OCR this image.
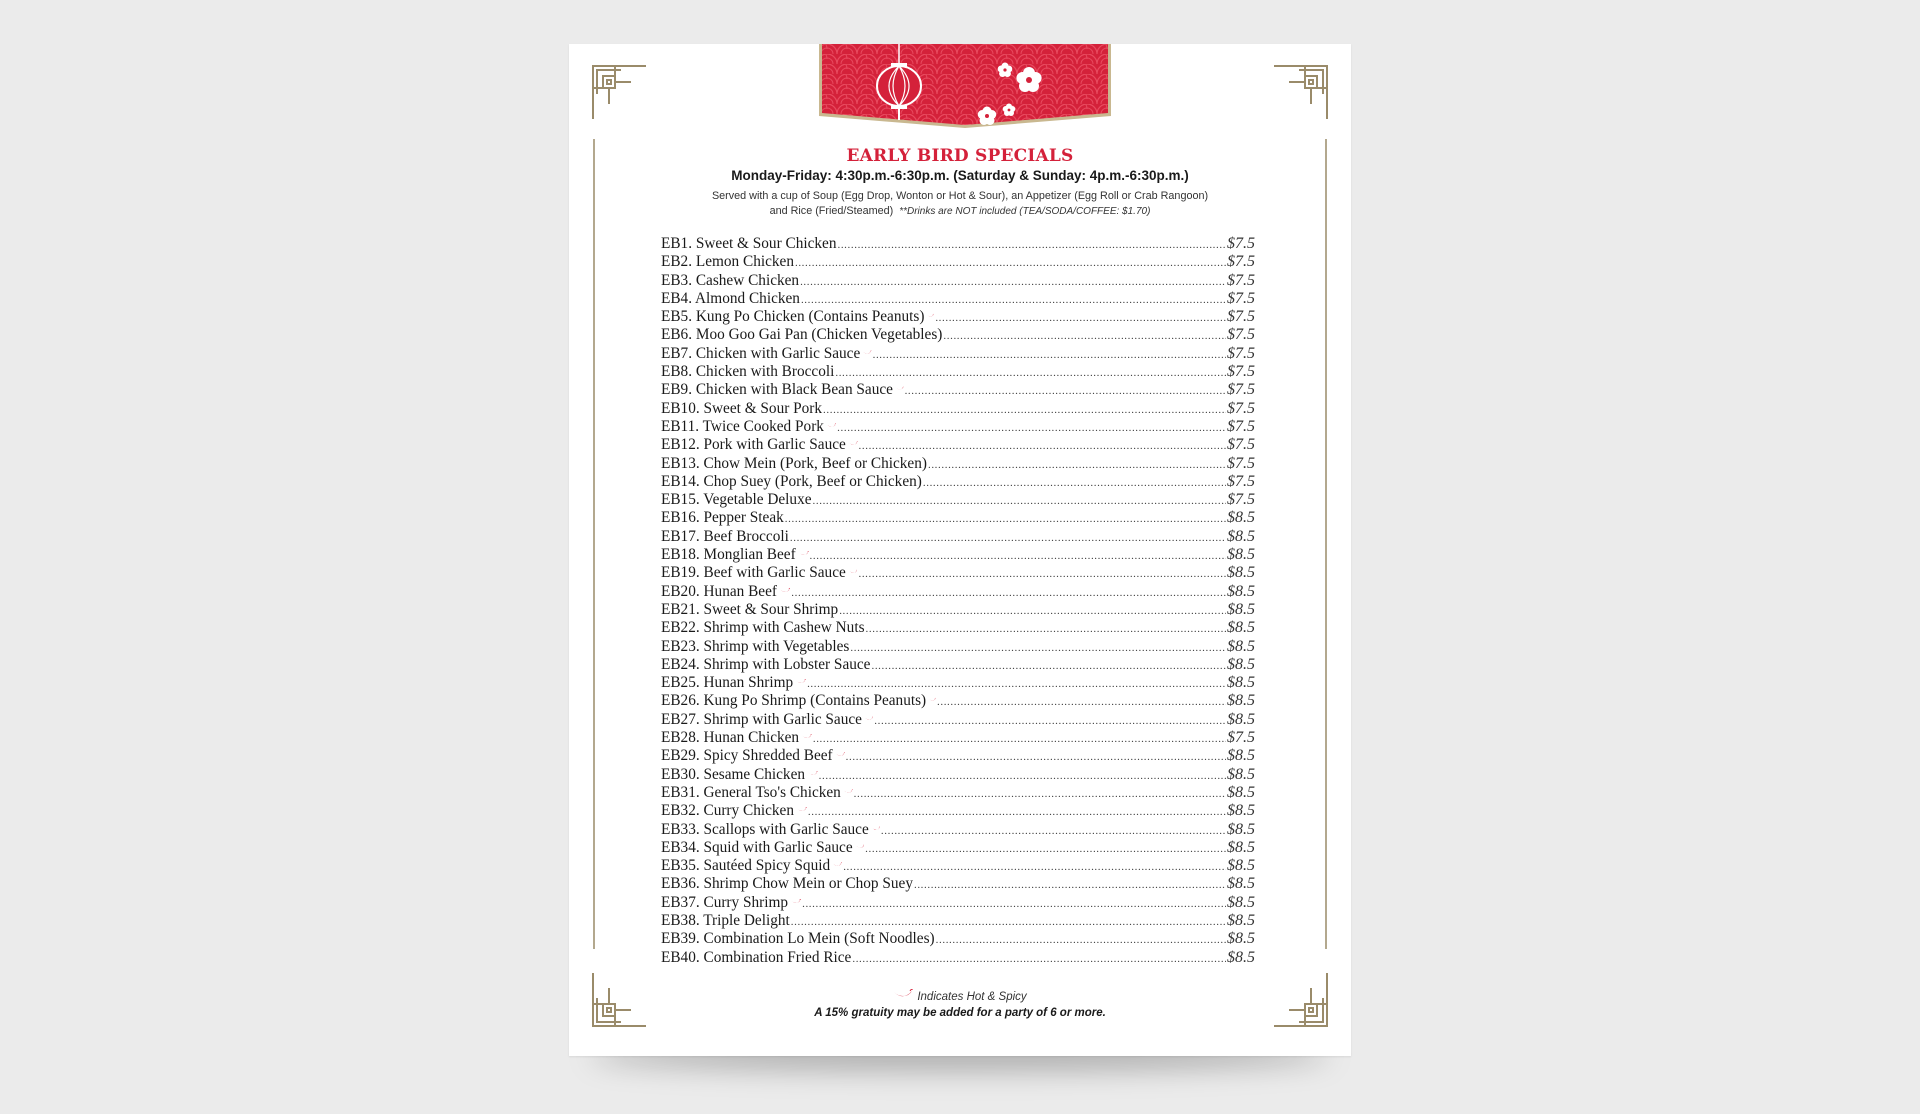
EARLY BIRD SPECIALS
Monday-Friday: 4:30p.m.-6:30p.m. (Saturday & Sunday: 4p.m.-6:30p.m.)
Served with a cup of Soup (Egg Drop, Wonton or Hot & Sour), an Appetizer (Egg Roll or Crab Rangoon)
and Rice (Fried/Steamed) **Drinks are NOT included (TEA/SODA/COFFEE: $1.70)
EB1. Sweet & Sour Chicken .....	$7.5
EB2. Lemon Chicken .....	$7.5
EB3. Cashew Chicken .....	$7.5
EB4. Almond Chicken .....	$7.5
EB5. Kung Po Chicken (Contains Peanuts) .....	$7.5
EB6. Moo Goo Gai Pan (Chicken Vegetables) .....	$7.5
EB7. Chicken with Garlic Sauce .....	$7.5
EB8. Chicken with Broccoli .....	$7.5
EB9. Chicken with Black Bean Sauce .....	$7.5
EB10. Sweet & Sour Pork .....	$7.5
EB11. Twice Cooked Pork .....	$7.5
EB12. Pork with Garlic Sauce .....	$7.5
EB13. Chow Mein (Pork, Beef or Chicken) .....	$7.5
EB14. Chop Suey (Pork, Beef or Chicken) .....	$7.5
EB15. Vegetable Deluxe .....	$7.5
EB16. Pepper Steak .....	$8.5
EB17. Beef Broccoli .....	$8.5
EB18. Monglian Beef .....	$8.5
EB19. Beef with Garlic Sauce .....	$8.5
EB20. Hunan Beef .....	$8.5
EB21. Sweet & Sour Shrimp .....	$8.5
EB22. Shrimp with Cashew Nuts .....	$8.5
EB23. Shrimp with Vegetables .....	$8.5
EB24. Shrimp with Lobster Sauce .....	$8.5
EB25. Hunan Shrimp .....	$8.5
EB26. Kung Po Shrimp (Contains Peanuts) .....	$8.5
EB27. Shrimp with Garlic Sauce .....	$8.5
EB28. Hunan Chicken .....	$7.5
EB29. Spicy Shredded Beef .....	$8.5
EB30. Sesame Chicken .....	$8.5
EB31. General Tso's Chicken .....	$8.5
EB32. Curry Chicken .....	$8.5
EB33. Scallops with Garlic Sauce .....	$8.5
EB34. Squid with Garlic Sauce .....	$8.5
EB35. Sautéed Spicy Squid .....	$8.5
EB36. Shrimp Chow Mein or Chop Suey .....	$8.5
EB37. Curry Shrimp .....	$8.5
EB38. Triple Delight .....	$8.5
EB39. Combination Lo Mein (Soft Noodles) .....	$8.5
EB40. Combination Fried Rice .....	$8.5
Indicates Hot & Spicy
A 15% gratuity may be added for a party of 6 or more.
